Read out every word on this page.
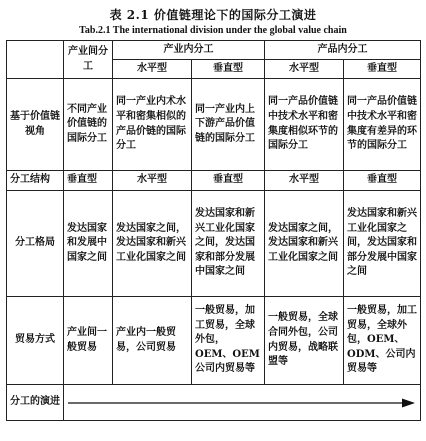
表 2.1 价值链理论下的国际分工演进
Tab.2.1 The international division under the global value chain
	产业间分工	产业内分工		产品内分工	
		水平型	垂直型	水平型	垂直型
基于价值链视角	不同产业价值链的国际分工	同一产业内术水平和密集相似的产品价链的国际分工	同一产业内上下游产品价值链的国际分工	同一产品价值链中技术水平和密集度相似环节的国际分工	同一产品价值链中技术水平和密集度有差异的环节的国际分工
分工结构	垂直型	水平型	垂直型	水平型	垂直型
分工格局	发达国家和发展中国家之间	发达国家之间，发达国家和新兴工业化国家之间	发达国家和新兴工业化国家之间，发达国家和部分发展中国家之间	发达国家之间，发达国家和新兴工业化国家之间	发达国家和新兴工业化国家之间，发达国家和部分发展中国家之间
贸易方式	产业间一般贸易	产业内一般贸易，公司贸易	一般贸易，加工贸易，全球外包，OEM、OEM公司内贸易等	一般贸易，全球合同外包，公司内贸易，战略联盟等	一般贸易，加工贸易，全球外包，OEM、ODM、公司内贸易等
分工的演进	
